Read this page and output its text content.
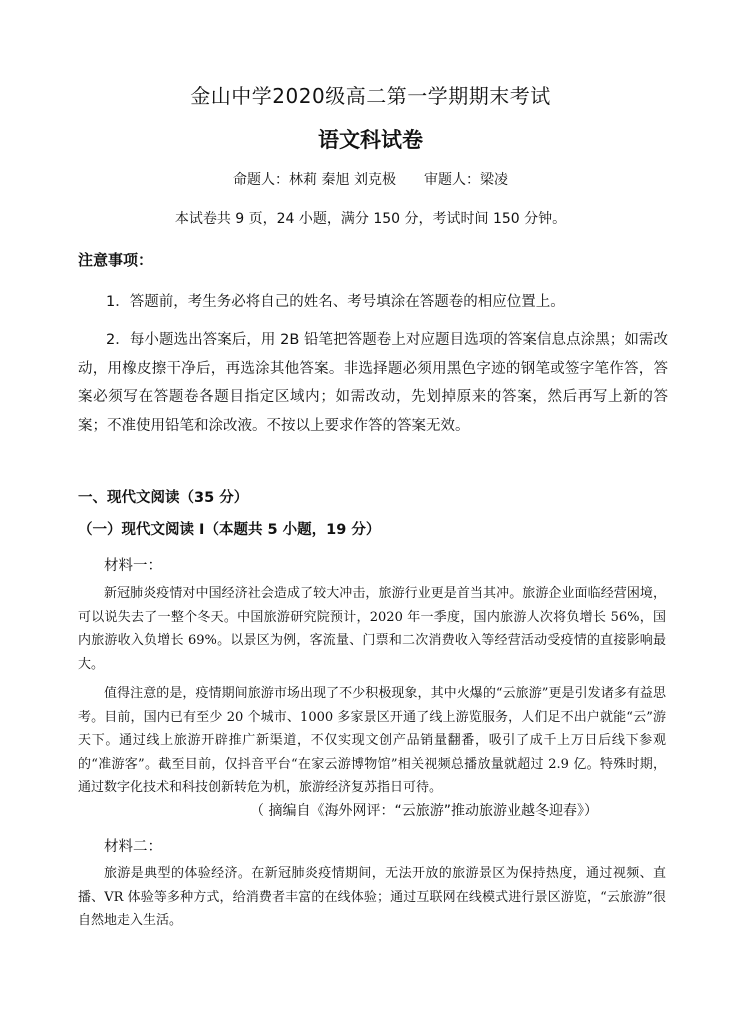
金山中学2020级高二第一学期期末考试
语文科试卷
命题人：林莉 秦旭 刘克极 审题人：梁凌
本试卷共 9 页，24 小题，满分 150 分，考试时间 150 分钟。
注意事项：

1．答题前，考生务必将自己的姓名、考号填涂在答题卷的相应位置上。

2．每小题选出答案后，用 2B 铅笔把答题卷上对应题目选项的答案信息点涂黑；如需改动，用橡皮擦干净后，再选涂其他答案。非选择题必须用黑色字迹的钢笔或签字笔作答，答案必须写在答题卷各题目指定区域内；如需改动，先划掉原来的答案，然后再写上新的答案；不准使用铅笔和涂改液。不按以上要求作答的答案无效。

一、现代文阅读（35 分）
（一）现代文阅读 I（本题共 5 小题，19 分）
材料一：

新冠肺炎疫情对中国经济社会造成了较大冲击，旅游行业更是首当其冲。旅游企业面临经营困境，可以说失去了一整个冬天。中国旅游研究院预计，2020 年一季度，国内旅游人次将负增长 56%，国内旅游收入负增长 69%。以景区为例，客流量、门票和二次消费收入等经营活动受疫情的直接影响最大。

值得注意的是，疫情期间旅游市场出现了不少积极现象，其中火爆的“云旅游”更是引发诸多有益思考。目前，国内已有至少 20 个城市、1000 多家景区开通了线上游览服务，人们足不出户就能“云”游天下。通过线上旅游开辟推广新渠道，不仅实现文创产品销量翻番，吸引了成千上万日后线下参观的“准游客”。截至目前，仅抖音平台“在家云游博物馆”相关视频总播放量就超过 2.9 亿。特殊时期，通过数字化技术和科技创新转危为机，旅游经济复苏指日可待。

（ 摘编自《海外网评：“云旅游”推动旅游业越冬迎春》）
材料二：

旅游是典型的体验经济。在新冠肺炎疫情期间，无法开放的旅游景区为保持热度，通过视频、直播、VR 体验等多种方式，给消费者丰富的在线体验；通过互联网在线模式进行景区游览，“云旅游”很自然地走入生活。
